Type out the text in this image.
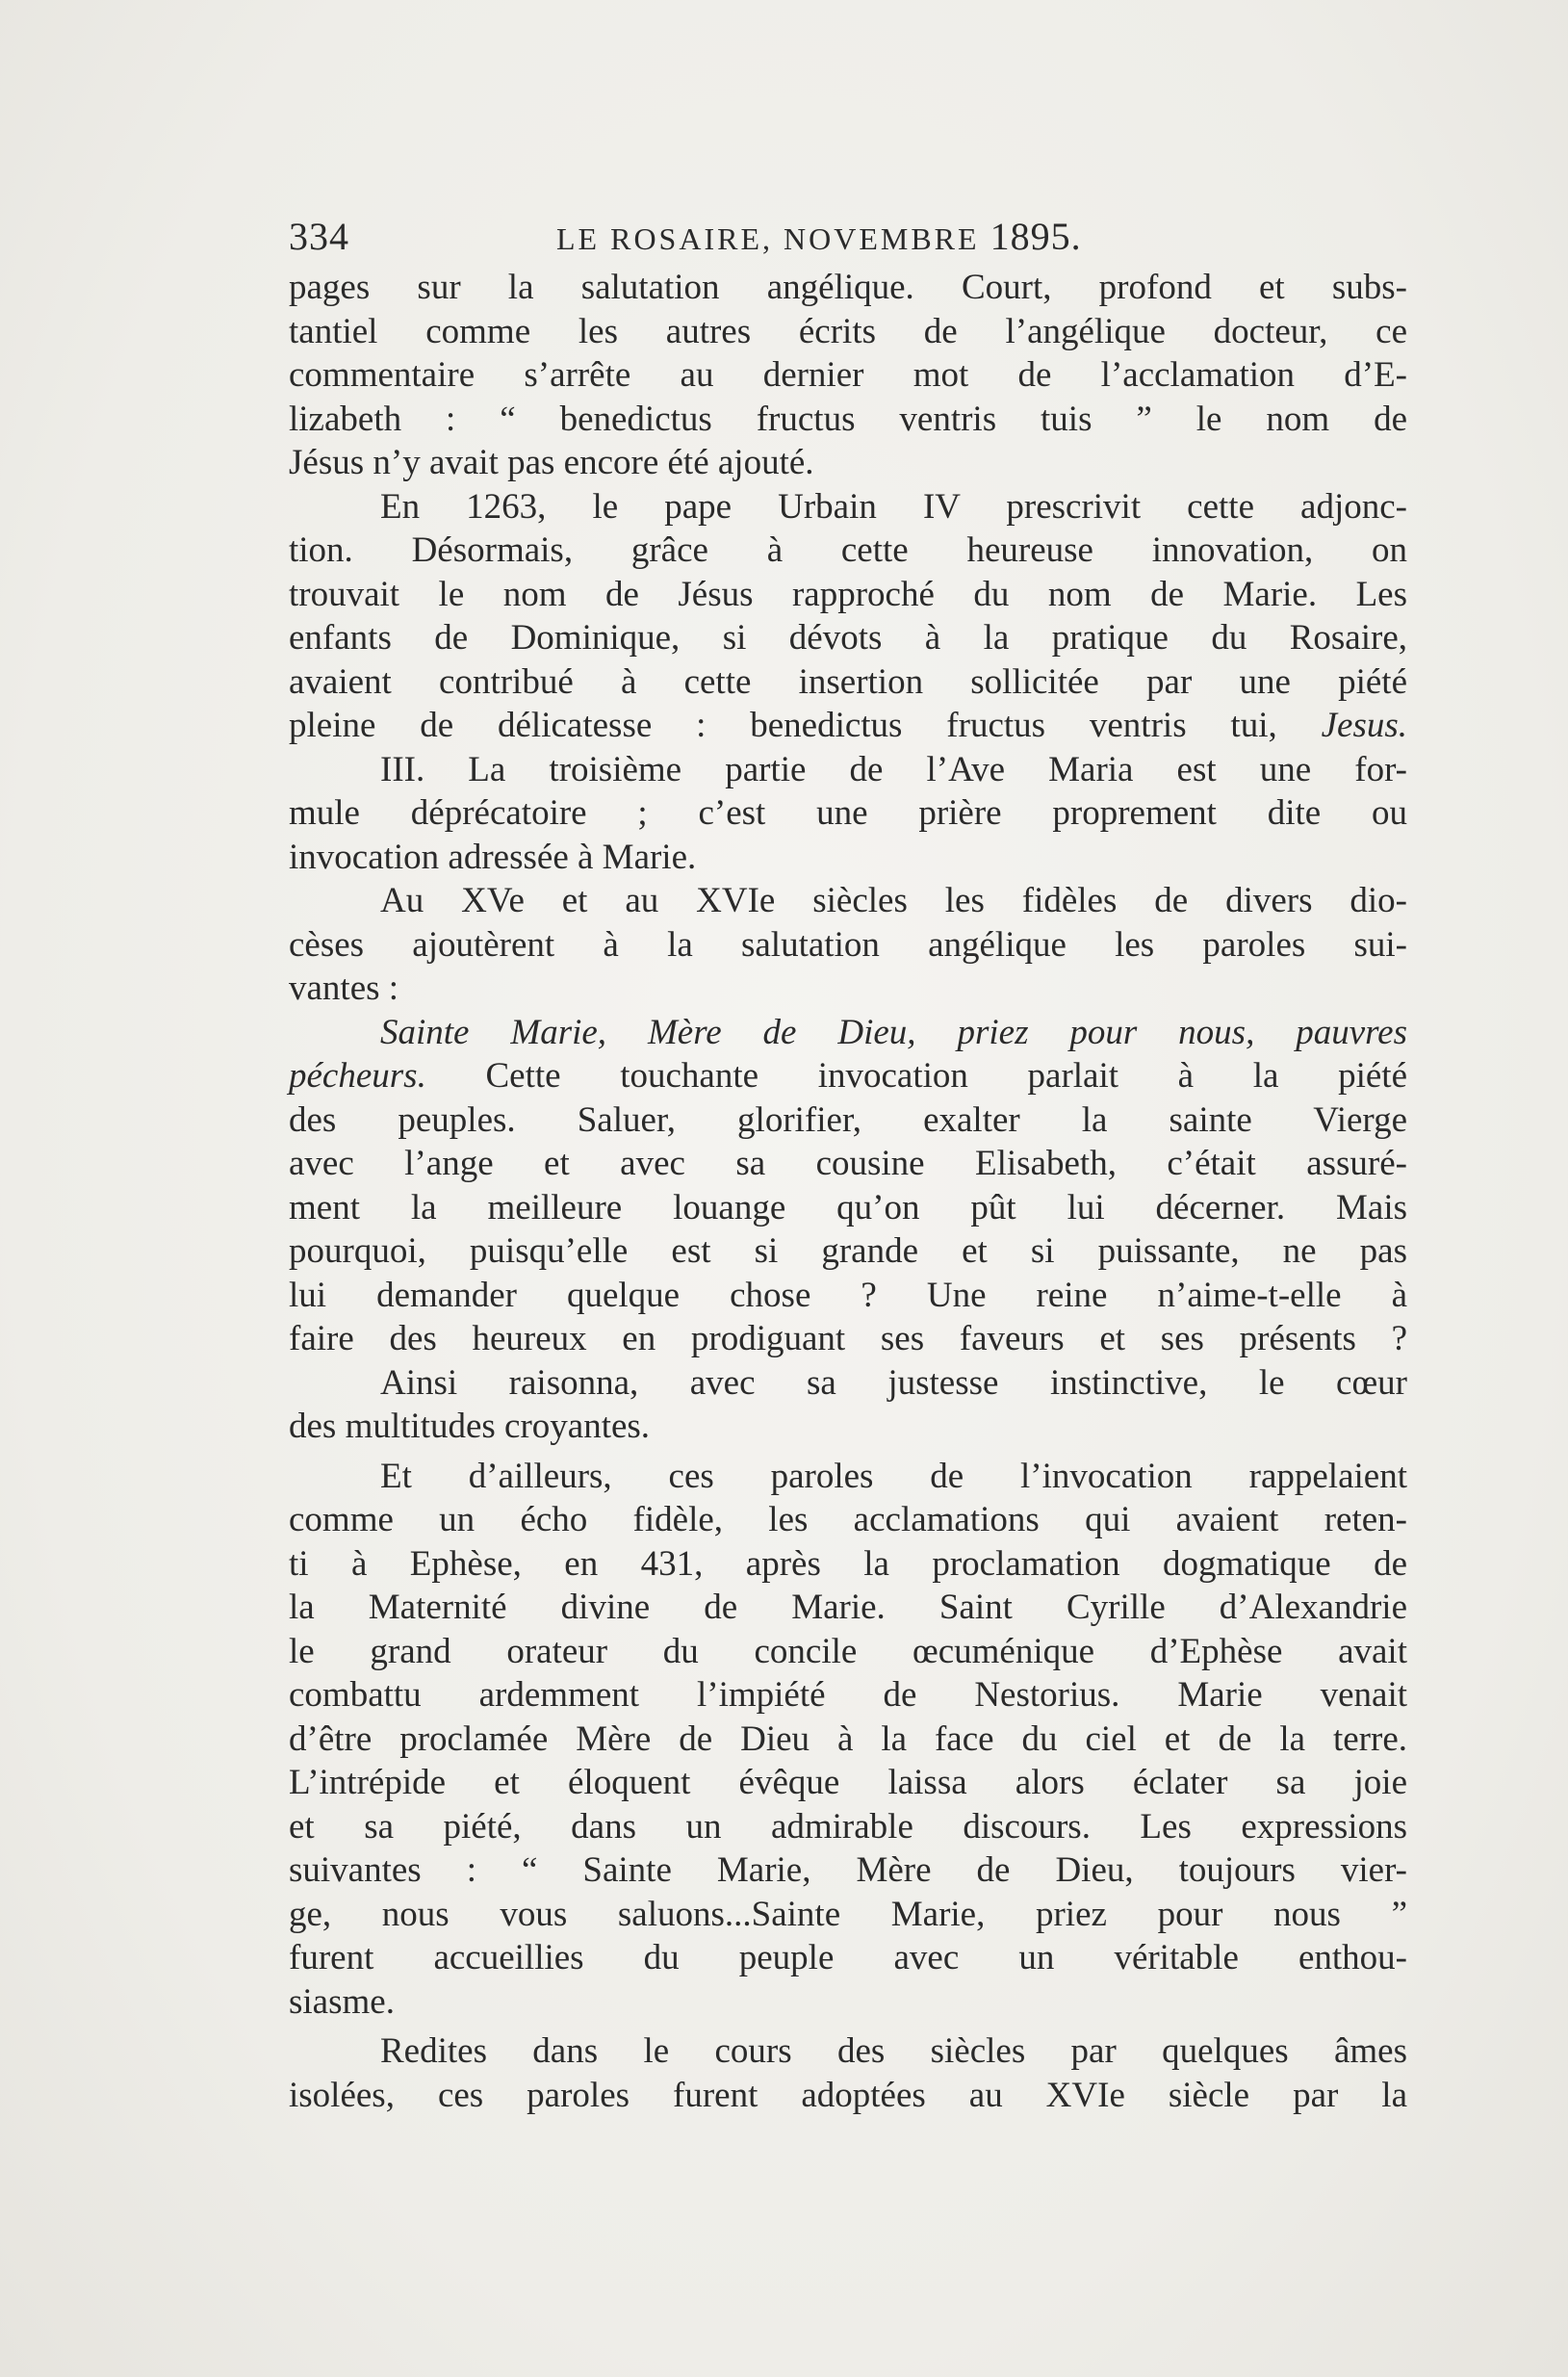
334	LE ROSAIRE, NOVEMBRE 1895.
pages sur la salutation angélique. Court, profond et subs-
tantiel comme les autres écrits de l’angélique docteur, ce
commentaire s’arrête au dernier mot de l’acclamation d’E-
lizabeth : “ benedictus fructus ventris tuis ” le nom de
Jésus n’y avait pas encore été ajouté.
En 1263, le pape Urbain IV prescrivit cette adjonc-
tion. Désormais, grâce à cette heureuse innovation, on
trouvait le nom de Jésus rapproché du nom de Marie. Les
enfants de Dominique, si dévots à la pratique du Rosaire,
avaient contribué à cette insertion sollicitée par une piété
pleine de délicatesse : benedictus fructus ventris tui, Jesus.
III. La troisième partie de l’Ave Maria est une for-
mule déprécatoire ; c’est une prière proprement dite ou
invocation adressée à Marie.
Au XVe et au XVIe siècles les fidèles de divers dio-
cèses ajoutèrent à la salutation angélique les paroles sui-
vantes :
Sainte Marie, Mère de Dieu, priez pour nous, pauvres
pécheurs. Cette touchante invocation parlait à la piété
des peuples. Saluer, glorifier, exalter la sainte Vierge
avec l’ange et avec sa cousine Elisabeth, c’était assuré-
ment la meilleure louange qu’on pût lui décerner. Mais
pourquoi, puisqu’elle est si grande et si puissante, ne pas
lui demander quelque chose ? Une reine n’aime-t-elle à
faire des heureux en prodiguant ses faveurs et ses présents ?
Ainsi raisonna, avec sa justesse instinctive, le cœur
des multitudes croyantes.
Et d’ailleurs, ces paroles de l’invocation rappelaient
comme un écho fidèle, les acclamations qui avaient reten-
ti à Ephèse, en 431, après la proclamation dogmatique de
la Maternité divine de Marie. Saint Cyrille d’Alexandrie
le grand orateur du concile œcuménique d’Ephèse avait
combattu ardemment l’impiété de Nestorius. Marie venait
d’être proclamée Mère de Dieu à la face du ciel et de la terre.
L’intrépide et éloquent évêque laissa alors éclater sa joie
et sa piété, dans un admirable discours. Les expressions
suivantes : “ Sainte Marie, Mère de Dieu, toujours vier-
ge, nous vous saluons...Sainte Marie, priez pour nous ”
furent accueillies du peuple avec un véritable enthou-
siasme.
Redites dans le cours des siècles par quelques âmes
isolées, ces paroles furent adoptées au XVIe siècle par la
